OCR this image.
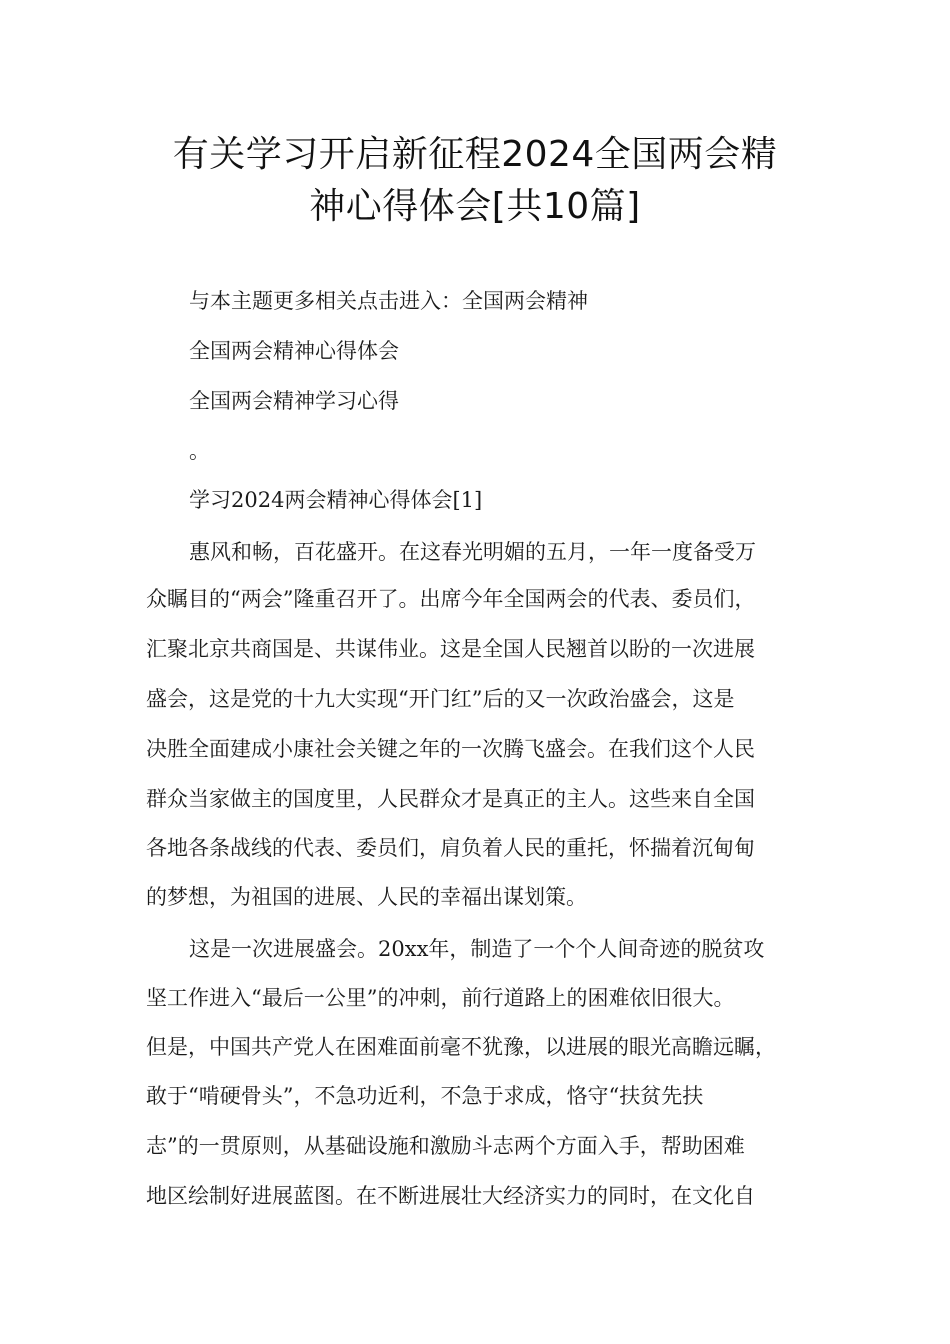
有关学习开启新征程2024全国两会精
神心得体会[共10篇]
与本主题更多相关点击进入：全国两会精神
全国两会精神心得体会
全国两会精神学习心得
。
学习2024两会精神心得体会[1]
惠风和畅，百花盛开。在这春光明媚的五月，一年一度备受万
众瞩目的“两会”隆重召开了。出席今年全国两会的代表、委员们，
汇聚北京共商国是、共谋伟业。这是全国人民翘首以盼的一次进展
盛会，这是党的十九大实现“开门红”后的又一次政治盛会，这是
决胜全面建成小康社会关键之年的一次腾飞盛会。在我们这个人民
群众当家做主的国度里，人民群众才是真正的主人。这些来自全国
各地各条战线的代表、委员们，肩负着人民的重托，怀揣着沉甸甸
的梦想，为祖国的进展、人民的幸福出谋划策。
这是一次进展盛会。20xx年，制造了一个个人间奇迹的脱贫攻
坚工作进入“最后一公里”的冲刺，前行道路上的困难依旧很大。
但是，中国共产党人在困难面前毫不犹豫，以进展的眼光高瞻远瞩，
敢于“啃硬骨头”，不急功近利，不急于求成，恪守“扶贫先扶
志”的一贯原则，从基础设施和激励斗志两个方面入手，帮助困难
地区绘制好进展蓝图。在不断进展壮大经济实力的同时，在文化自
